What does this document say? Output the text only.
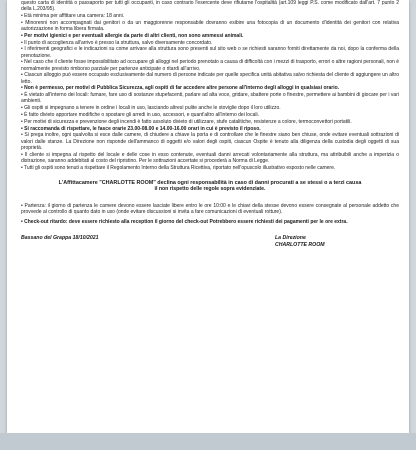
questo carta di identità o passaporto per tutti gli occupanti, in caso contrario l'esercente deve rifiutarne l'ospitalità (art.109 leggi P.S. come modificato dall'art. 7 punto 2 della L.203/95).

• Età minima per affittare una camera: 18 anni.

• Minorenni non accompagnati dai genitori o da un maggiorenne responsabile dovranno esibire una fotocopia di un documento d'identità dei genitori con relativa autorizzazione in forma libera firmata.

• Per motivi igienici e per eventuali allergie da parte di altri clienti, non sono ammessi animali.

• Il punto di accoglienza all'arrivo è presso la struttura, salvo diversamente concordato.

• I riferimenti geografici e le indicazioni su come arrivare alla struttura sono presenti sul sito web o se richiesti saranno forniti direttamente da noi, dopo la conferma della prenotazione.

• Nel caso che il cliente fosse impossibilitato ad occupare gli alloggi nel periodo prenotato a causa di difficoltà con i mezzi di trasporto, errori o altre ragioni personali, non è normalmente previsto rimborso parziale per partenze anticipate o ritardi all'arrivo.

• Ciascun alloggio può essere occupato esclusivamente dal numero di persone indicate per quelle specifica unità abitativa salvo richiesta del cliente di aggiungere un altro letto.

• Non è permesso, per motivi di Pubblica Sicurezza, agli ospiti di far accedere altre persone all'interno degli alloggi in qualsiasi orario.

• È vietato all'interno dei locali: fumare, fare uso di sostanze stupefacenti, parlare ad alta voce, gridare, sbattere porte o finestre, permettere ai bambini di giocare per i vari ambienti.

• Gli ospiti si impegnano a tenere in ordine i locali in uso, lasciando altresì pulite anche le stoviglie dopo il loro utilizzo.

• È fatto divieto apportare modifiche o spostare gli arredi in uso, accessori, e quant'altro all'interno dei locali.

• Per motivi di sicurezza e prevenzione degli incendi è fatto assoluto divieto di utilizzare, stufe catalitiche, resistenze a colore, termoconvettori portatili.

• Si raccomanda di rispettare, le fasce orarie 23.00-08.00 e 14.00-16.00 orari in cui è previsto il riposo.

• Si prega inoltre, ogni qualvolta si esce dalle camere, di chiudere a chiave la porta e di controllare che le finestre siano ben chiuse, onde evitare eventuali sottrazioni di valori dalle stanze. La Direzione non risponde dell'ammanco di oggetti e/o valori degli ospiti, ciascun Ospite è tenuto alla diligenza della custodia degli oggetti di sua proprietà.

• Il cliente si impegna al rispetto del locale e delle cose in esso contenute, eventuali danni arrecati volontariamente alla struttura, ma attribuibili anche a imperizia o distrazione, saranno addebitati al costo del ripristino. Per le sottrazioni accertate si procederà a Norma di Legge.

• Tutti gli ospiti sono tenuti a rispettare il Regolamento Interno della Struttura Ricettiva, riportato nell'opuscolo illustrativo esposto nelle camere.

L'Affittacamere "CHARLOTTE ROOM" declina ogni responsabilità in caso di danni procurati a se stessi o a terzi causa

il non rispetto delle regole sopra evidenziate.

• Partenza: il giorno di partenza le camere devono essere lasciate libere entro le ore 10:00 e le chiavi della stesse devono essere consegnate al personale addetto che provvede al controllo di quanto dato in uso (onde evitare discussioni si invita a fare comunicazioni di eventuali rotture).

• Check-out ritardo: deve essere richiesto alla reception il giorno del check-out Potrebbero essere richiesti dei pagamenti per le ore extra.

Bassano del Grappa 18/10/2021	La Direzione
CHARLOTTE ROOM
